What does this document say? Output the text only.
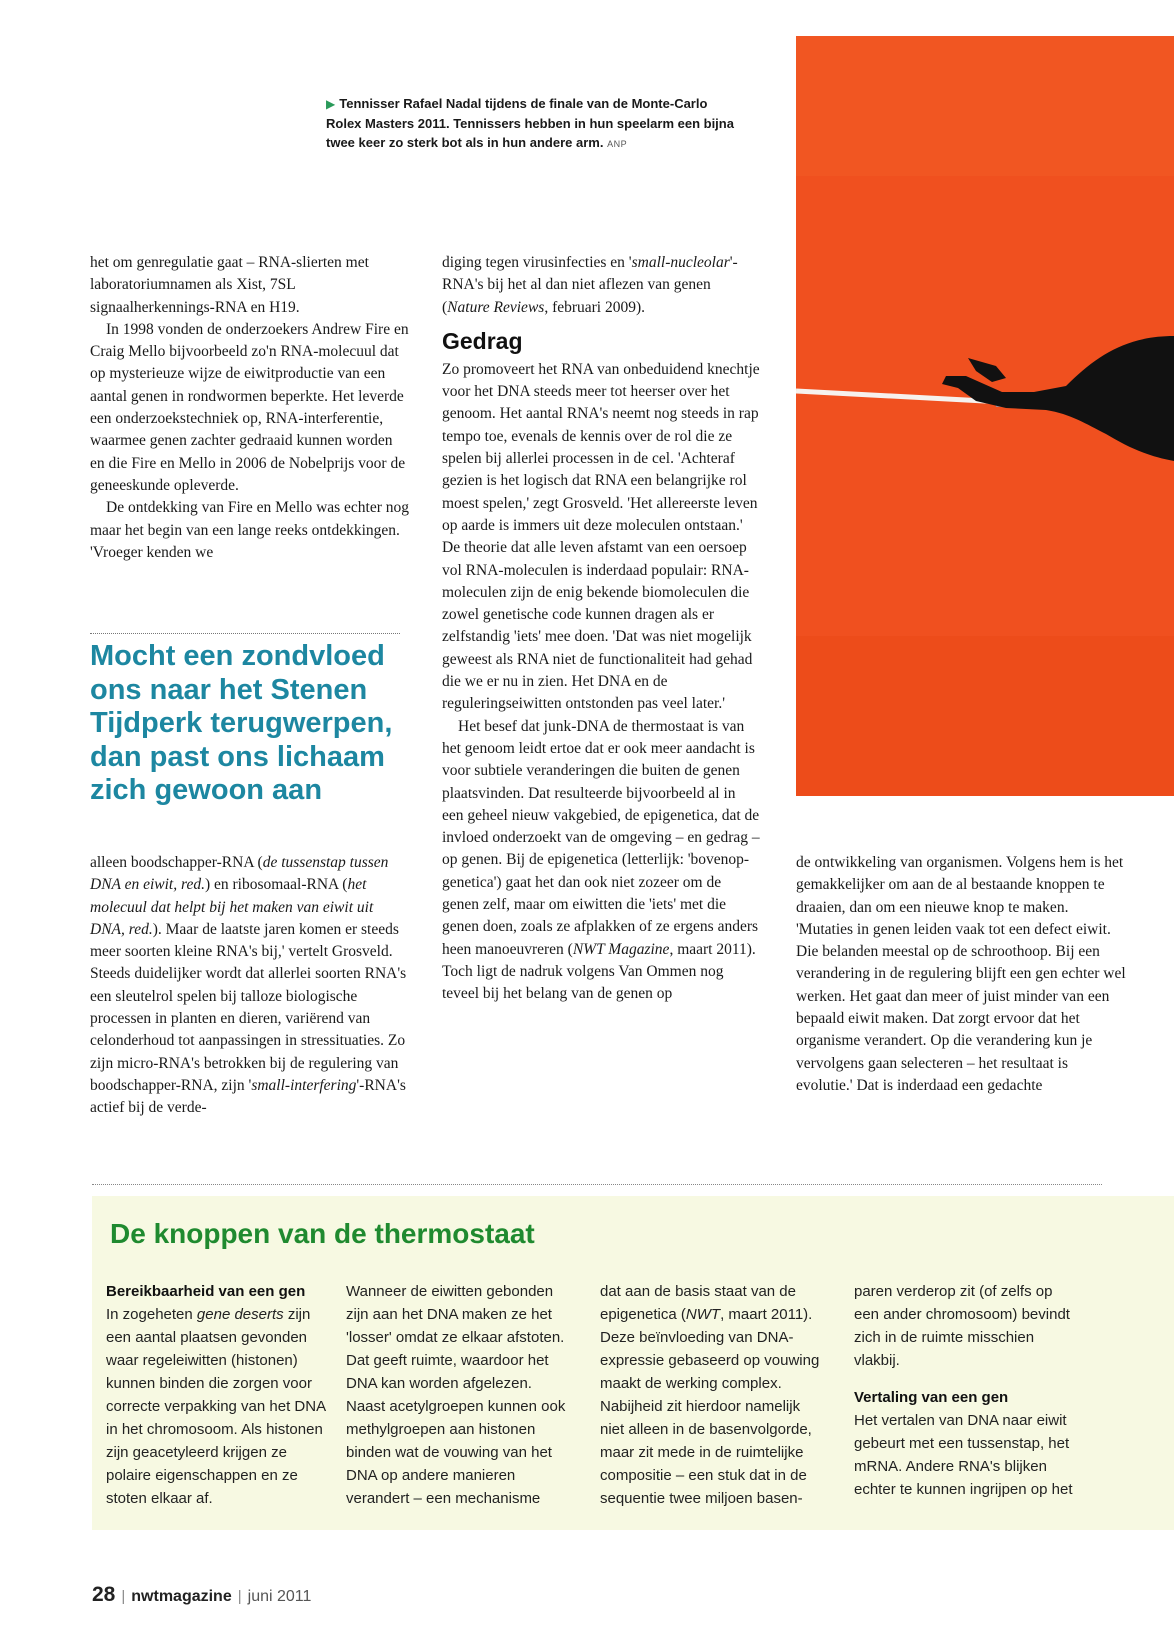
▶ Tennisser Rafael Nadal tijdens de finale van de Monte-Carlo Rolex Masters 2011. Tennissers hebben in hun speelarm een bijna twee keer zo sterk bot als in hun andere arm. ANP

het om genregulatie gaat – RNA-slierten met laboratoriumnamen als Xist, 7SL signaalherkennings-RNA en H19.

In 1998 vonden de onderzoekers Andrew Fire en Craig Mello bijvoorbeeld zo'n RNA-molecuul dat op mysterieuze wijze de eiwitproductie van een aantal genen in rondwormen beperkte. Het leverde een onderzoekstechniek op, RNA-interferentie, waarmee genen zachter gedraaid kunnen worden en die Fire en Mello in 2006 de Nobelprijs voor de geneeskunde opleverde.

De ontdekking van Fire en Mello was echter nog maar het begin van een lange reeks ontdekkingen. 'Vroeger kenden we

Mocht een zondvloed ons naar het Stenen Tijdperk terugwerpen, dan past ons lichaam zich gewoon aan

alleen boodschapper-RNA (de tussenstap tussen DNA en eiwit, red.) en ribosomaal-RNA (het molecuul dat helpt bij het maken van eiwit uit DNA, red.). Maar de laatste jaren komen er steeds meer soorten kleine RNA's bij,' vertelt Grosveld. Steeds duidelijker wordt dat allerlei soorten RNA's een sleutelrol spelen bij talloze biologische processen in planten en dieren, variërend van celonderhoud tot aanpassingen in stressituaties. Zo zijn micro-RNA's betrokken bij de regulering van boodschapper-RNA, zijn 'small-interfering'-RNA's actief bij de verde-

diging tegen virusinfecties en 'small-nucleolar'-RNA's bij het al dan niet aflezen van genen (Nature Reviews, februari 2009).

Gedrag

Zo promoveert het RNA van onbeduidend knechtje voor het DNA steeds meer tot heerser over het genoom. Het aantal RNA's neemt nog steeds in rap tempo toe, evenals de kennis over de rol die ze spelen bij allerlei processen in de cel. 'Achteraf gezien is het logisch dat RNA een belangrijke rol moest spelen,' zegt Grosveld. 'Het allereerste leven op aarde is immers uit deze moleculen ontstaan.' De theorie dat alle leven afstamt van een oersoep vol RNA-moleculen is inderdaad populair: RNA-moleculen zijn de enig bekende biomoleculen die zowel genetische code kunnen dragen als er zelfstandig 'iets' mee doen. 'Dat was niet mogelijk geweest als RNA niet de functionaliteit had gehad die we er nu in zien. Het DNA en de reguleringseiwitten ontstonden pas veel later.'

Het besef dat junk-DNA de thermostaat is van het genoom leidt ertoe dat er ook meer aandacht is voor subtiele veranderingen die buiten de genen plaatsvinden. Dat resulteerde bijvoorbeeld al in een geheel nieuw vakgebied, de epigenetica, dat de invloed onderzoekt van de omgeving – en gedrag – op genen. Bij de epigenetica (letterlijk: 'bovenop-genetica') gaat het dan ook niet zozeer om de genen zelf, maar om eiwitten die 'iets' met die genen doen, zoals ze afplakken of ze ergens anders heen manoeuvreren (NWT Magazine, maart 2011). Toch ligt de nadruk volgens Van Ommen nog teveel bij het belang van de genen op

de ontwikkeling van organismen. Volgens hem is het gemakkelijker om aan de al bestaande knoppen te draaien, dan om een nieuwe knop te maken. 'Mutaties in genen leiden vaak tot een defect eiwit. Die belanden meestal op de schroothoop. Bij een verandering in de regulering blijft een gen echter wel werken. Het gaat dan meer of juist minder van een bepaald eiwit maken. Dat zorgt ervoor dat het organisme verandert. Op die verandering kun je vervolgens gaan selecteren – het resultaat is evolutie.' Dat is inderdaad een gedachte

De knoppen van de thermostaat
Bereikbaarheid van een gen

In zogeheten gene deserts zijn een aantal plaatsen gevonden waar regeleiwitten (histonen) kunnen binden die zorgen voor correcte verpakking van het DNA in het chromosoom. Als histonen zijn geacetyleerd krijgen ze polaire eigenschappen en ze stoten elkaar af.

Wanneer de eiwitten gebonden zijn aan het DNA maken ze het 'losser' omdat ze elkaar afstoten. Dat geeft ruimte, waardoor het DNA kan worden afgelezen. Naast acetylgroepen kunnen ook methylgroepen aan histonen binden wat de vouwing van het DNA op andere manieren verandert – een mechanisme

dat aan de basis staat van de epigenetica (NWT, maart 2011). Deze beïnvloeding van DNA-expressie gebaseerd op vouwing maakt de werking complex. Nabijheid zit hierdoor namelijk niet alleen in de basenvolgorde, maar zit mede in de ruimtelijke compositie – een stuk dat in de sequentie twee miljoen basen-

paren verderop zit (of zelfs op een ander chromosoom) bevindt zich in de ruimte misschien vlakbij.

Vertaling van een gen

Het vertalen van DNA naar eiwit gebeurt met een tussenstap, het mRNA. Andere RNA's blijken echter te kunnen ingrijpen op het

28 | nwtmagazine | juni 2011
